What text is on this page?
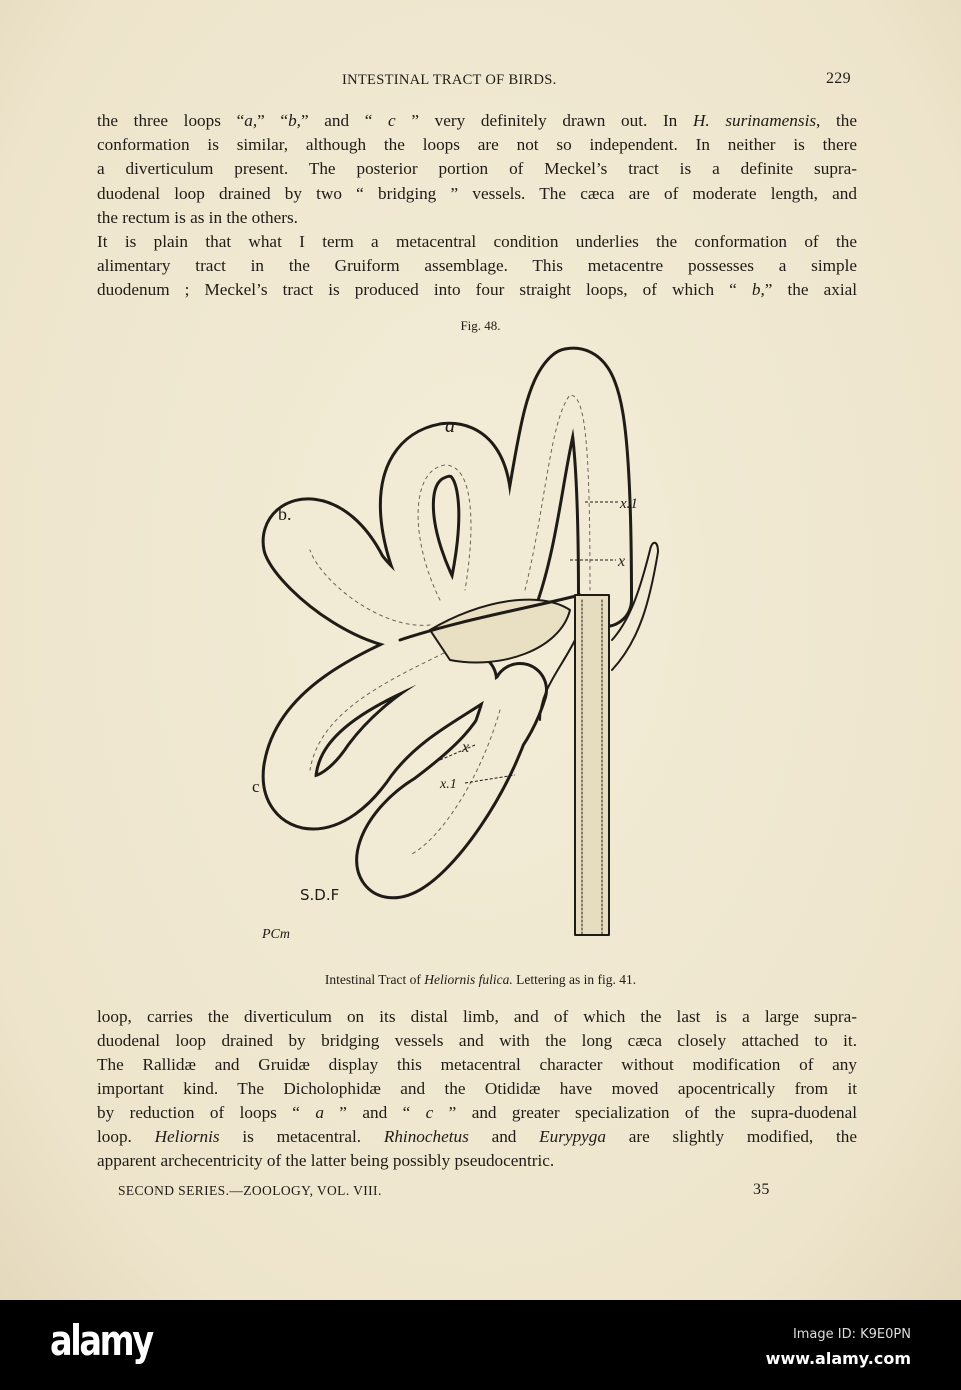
INTESTINAL TRACT OF BIRDS.	229
the three loops “a,” “b,” and “ c ” very definitely drawn out. In H. surinamensis, the
conformation is similar, although the loops are not so independent. In neither is there
a diverticulum present. The posterior portion of Meckel’s tract is a definite supra-
duodenal loop drained by two “ bridging ” vessels. The cæca are of moderate length, and
the rectum is as in the others.
It is plain that what I term a metacentral condition underlies the conformation of the
alimentary tract in the Gruiform assemblage. This metacentre possesses a simple
duodenum ; Meckel’s tract is produced into four straight loops, of which “ b,” the axial
Fig. 48.
a
b.	x.1
x
x
x.1
c
S.D.F
PCm
Intestinal Tract of Heliornis fulica. Lettering as in fig. 41.
loop, carries the diverticulum on its distal limb, and of which the last is a large supra-
duodenal loop drained by bridging vessels and with the long cæca closely attached to it.
The Rallidæ and Gruidæ display this metacentral character without modification of any
important kind. The Dicholophidæ and the Otididæ have moved apocentrically from it
by reduction of loops “ a ” and “ c ” and greater specialization of the supra-duodenal
loop. Heliornis is metacentral. Rhinochetus and Eurypyga are slightly modified, the
apparent archecentricity of the latter being possibly pseudocentric.
SECOND SERIES.—ZOOLOGY, VOL. VIII.	35
alamy	Image ID: K9E0PN
www.alamy.com
